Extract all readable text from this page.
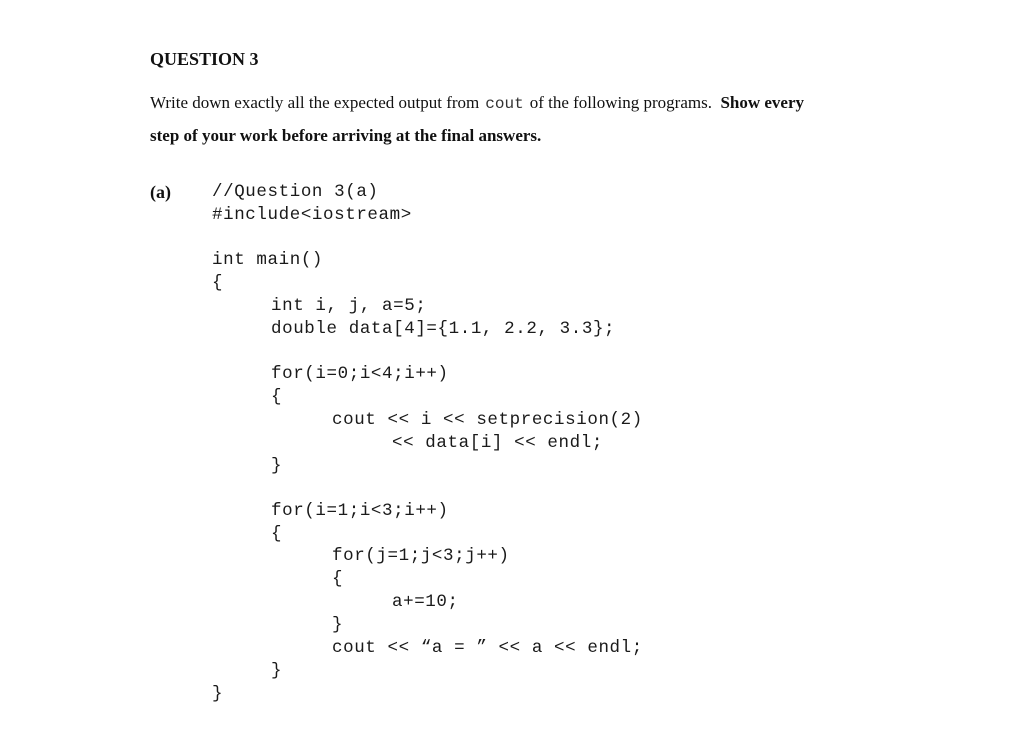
QUESTION 3
Write down exactly all the expected output from cout of the following programs. Show every
step of your work before arriving at the final answers.
(a) //Question 3(a)
#include<iostream>
int main()
{
int i, j, a=5;
double data[4]={1.1, 2.2, 3.3};
for(i=0;i<4;i++)
{
cout << i << setprecision(2)
<< data[i] << endl;
}
for(i=1;i<3;i++)
{
for(j=1;j<3;j++)
{
a+=10;
}
cout << “a = ” << a << endl;
}
}
